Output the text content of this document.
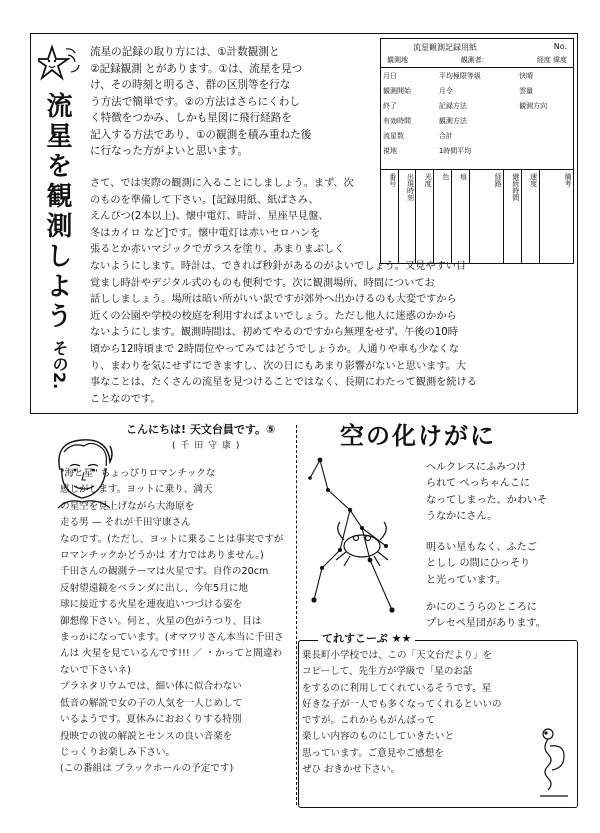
流星を観測しよう
その2.

流星の記録の取り方には、①計数観測と
②記録観測 とがあります。①は、流星を見つ
け、その時刻と明るさ、群の区別等を行な
う方法で簡単です。②の方法はさらにくわし
く特徴をつかみ、しかも星図に飛行経路を
記入する方法であり、①の観測を積み重ねた後
に行なった方がよいと思います。

流星観測記録用紙	No.
観測地	観測者:	経度 緯度
月日	平均極限等級	快晴
観測開始	月令	雲量
終了	記録方法	観測方向
有効時間	観測方法	
流星数	合計	
視地	1時間平均	
番号	出現時刻	光度	色	痕	経路	継続時間	速度	備考

さて、では実際の観測に入ることにしましょう。まず、次
のものを準備して下さい。[記録用紙、紙ばさみ、
えんぴつ(2本以上)、懐中電灯、時計、星座早見盤、
冬はカイロ など]です。懐中電灯は赤いセロハンを
張るとか赤いマジックでガラスを塗り、あまりまぶしく
ないようにします。時計は、できれば秒針があるのがよいでしょう。又見やすい目
覚まし時計やデジタル式のものも便利です。次に観測場所、時間についてお
話ししましょう。場所は暗い所がいい訳ですが郊外へ出かけるのも大変ですから
近くの公園や学校の校庭を利用すればよいでしょう。ただし他人に迷惑のかから
ないようにします。観測時間は、初めてやるのですから無理をせず、午後の10時
頃から12時頃まで 2時間位やってみてはどうでしょうか。人通りや車も少なくな
り、まわりを気にせずにできますし、次の日にもあまり影響がないと思います。大
事なことは、たくさんの流星を見つけることではなく、長期にわたって観測を続ける
ことなのです。

こんにちは! 天文台員です。⑤
( 千 田 守 康 )

"海と星" ちょっぴりロマンチックな
感じがします。ヨットに乗り、満天
の星空を見上げながら大海原を
走る男 — それが千田守康さん
なのです。(ただし、ヨットに乗ることは事実ですが
ロマンチックかどうかは 才力ではありません。)
千田さんの観測テーマは火星です。自作の20cm
反射望遠鏡をベランダに出し、今年5月に地
球に接近する火星を連夜追いつづける姿を
御想像下さい。何と、火星の色がうつり、目は
まっかになっています。(オマワリさん本当に千田さ
んは 火星を見ているんです!!! ／ ・かってと間違わ
ないで下さいネ)
プラネタリウムでは、細い体に似合わない
低音の解説で女の子の人気を一人じめして
いるようです。夏休みにおおくりする特別
投映での彼の解説とセンスの良い音楽を
じっくりお楽しみ下さい。
(この番組は ブラックホールの予定です)

空の化けがに

ヘルクレスにふみつけ
られて ぺっちゃんこに
なってしまった、かわいそ
うなかにさん。

明るい星もなく、ふたご
としし の間にひっそり
と光っています。

かにのこうらのところに
プレセペ星団があります。

てれすこーぷ ★★

乗長町小学校では、この「天文台だより」を
コピーして、先生方が学級で「星のお話
をするのに利用してくれているそうです。星
好きな子が一人でも多くなってくれるといいの
ですが。これからもがんばって
楽しい内容のものにしていきたいと
思っています。ご意見やご感想を
ぜひ おきかせ下さい。
